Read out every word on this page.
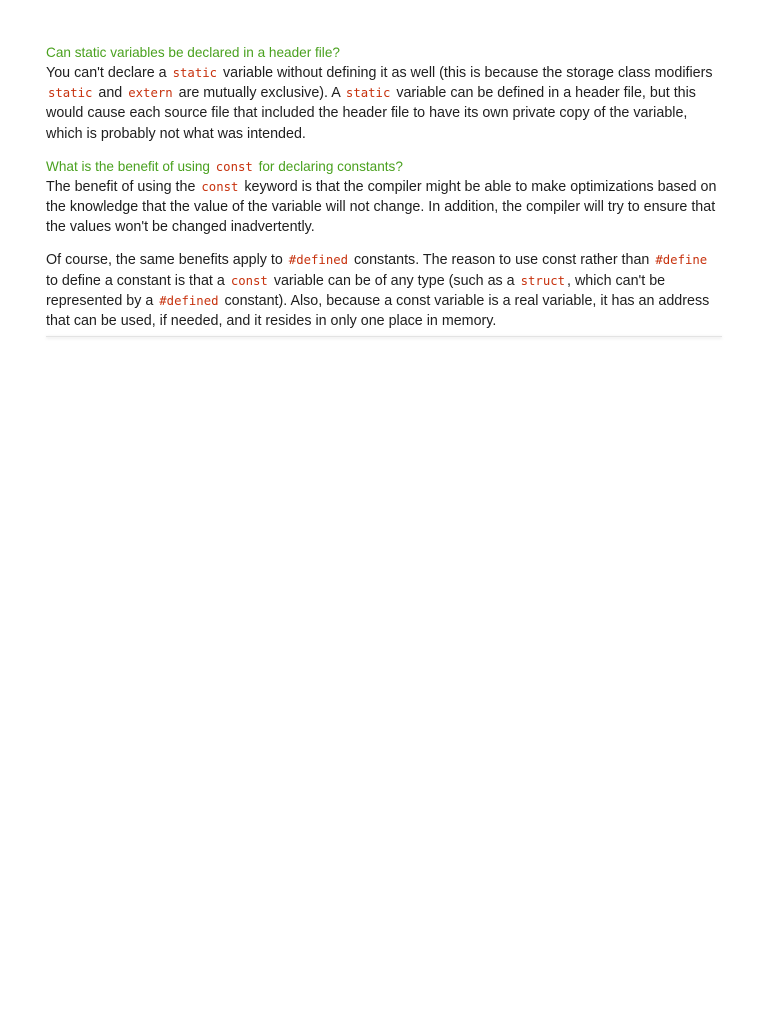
Can static variables be declared in a header file?

You can't declare a static variable without defining it as well (this is because the storage class modifiers static and extern are mutually exclusive). A static variable can be defined in a header file, but this would cause each source file that included the header file to have its own private copy of the variable, which is probably not what was intended.

What is the benefit of using const for declaring constants?

The benefit of using the const keyword is that the compiler might be able to make optimizations based on the knowledge that the value of the variable will not change. In addition, the compiler will try to ensure that the values won't be changed inadvertently.

Of course, the same benefits apply to #defined constants. The reason to use const rather than #define to define a constant is that a const variable can be of any type (such as a struct , which can't be represented by a #defined constant). Also, because a const variable is a real variable, it has an address that can be used, if needed, and it resides in only one place in memory.
